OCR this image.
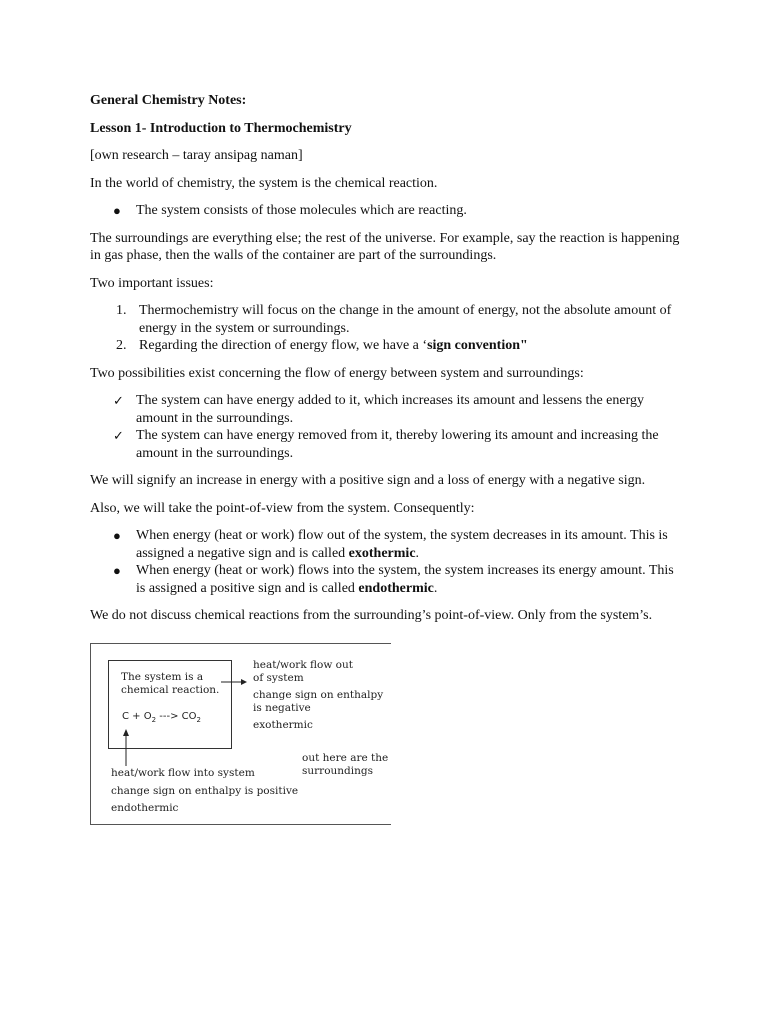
General Chemistry Notes:

Lesson 1- Introduction to Thermochemistry

[own research – taray ansipag naman]

In the world of chemistry, the system is the chemical reaction.

● The system consists of those molecules which are reacting.

The surroundings are everything else; the rest of the universe. For example, say the reaction is happening in gas phase, then the walls of the container are part of the surroundings.

Two important issues:

1. Thermochemistry will focus on the change in the amount of energy, not the absolute amount of energy in the system or surroundings.
2. Regarding the direction of energy flow, we have a ‘sign convention"

Two possibilities exist concerning the flow of energy between system and surroundings:

✓ The system can have energy added to it, which increases its amount and lessens the energy amount in the surroundings.
✓ The system can have energy removed from it, thereby lowering its amount and increasing the amount in the surroundings.

We will signify an increase in energy with a positive sign and a loss of energy with a negative sign.

Also, we will take the point-of-view from the system. Consequently:

● When energy (heat or work) flow out of the system, the system decreases in its amount. This is assigned a negative sign and is called exothermic.
● When energy (heat or work) flows into the system, the system increases its energy amount. This is assigned a positive sign and is called endothermic.

We do not discuss chemical reactions from the surrounding’s point-of-view. Only from the system’s.

The system is a
chemical reaction.
$C + O_2$ ---> $CO_2$
heat/work flow out
of system
change sign on enthalpy
is negative
exothermic
out here are the
surroundings
heat/work flow into system
change sign on enthalpy is positive
endothermic
